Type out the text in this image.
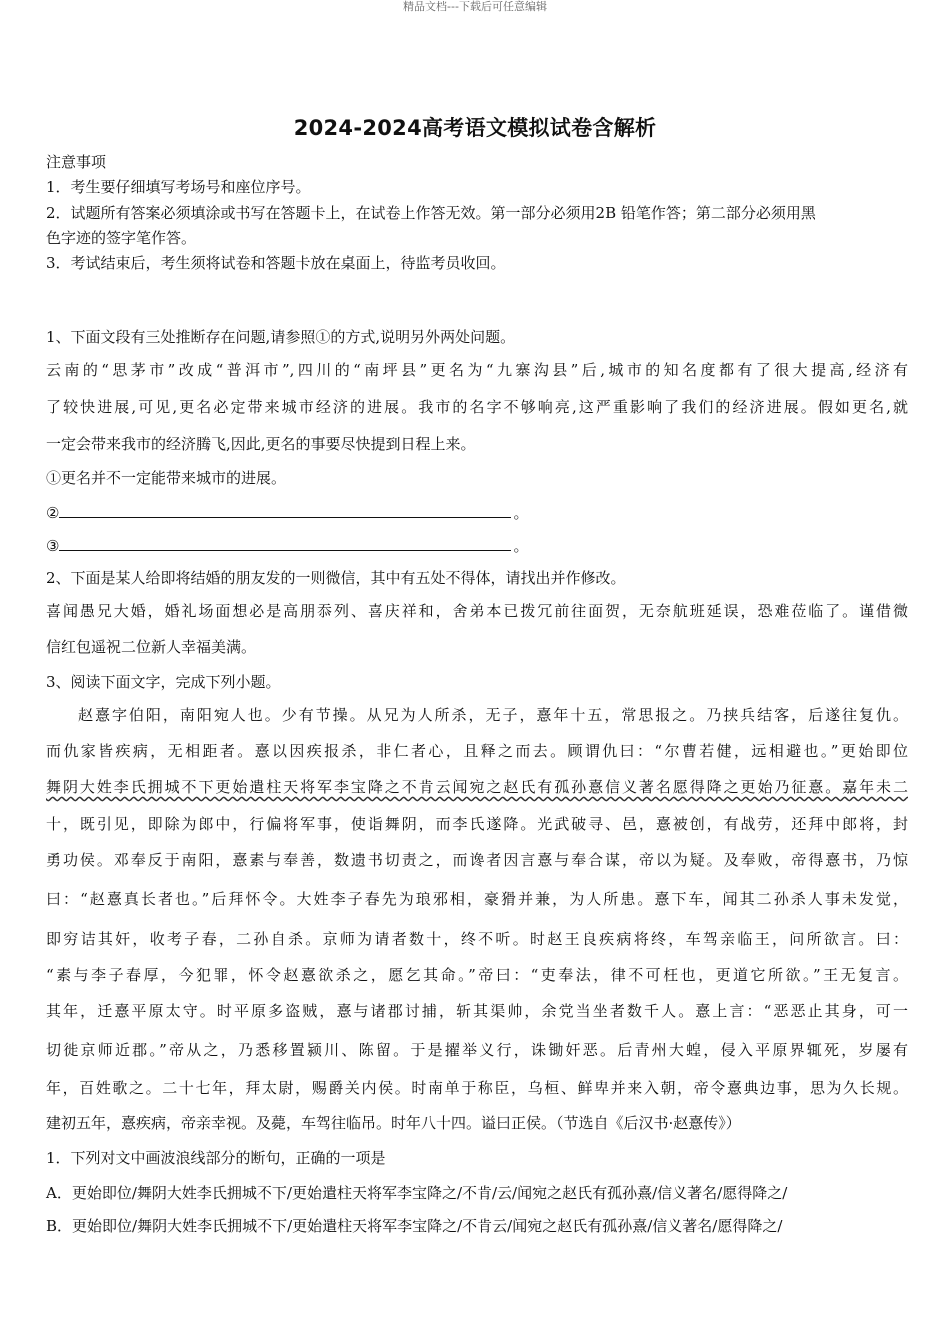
精品文档---下载后可任意编辑
2024-2024高考语文模拟试卷含解析
注意事项
1．考生要仔细填写考场号和座位序号。
2．试题所有答案必须填涂或书写在答题卡上，在试卷上作答无效。第一部分必须用2B 铅笔作答；第二部分必须用黑
色字迹的签字笔作答。
3．考试结束后，考生须将试卷和答题卡放在桌面上，待监考员收回。
1、下面文段有三处推断存在问题,请参照①的方式,说明另外两处问题。
云南的“思茅市”改成“普洱市”,四川的“南坪县”更名为“九寨沟县”后,城市的知名度都有了很大提高,经济有
了较快进展,可见,更名必定带来城市经济的进展。我市的名字不够响亮,这严重影响了我们的经济进展。假如更名,就
一定会带来我市的经济腾飞,因此,更名的事要尽快提到日程上来。
①更名并不一定能带来城市的进展。
②	。
③	。
2、下面是某人给即将结婚的朋友发的一则微信，其中有五处不得体，请找出并作修改。
喜闻愚兄大婚，婚礼场面想必是高朋忝列、喜庆祥和，舍弟本已拨冗前往面贺，无奈航班延误，恐难莅临了。谨借微
信红包遥祝二位新人幸福美满。
3、阅读下面文字，完成下列小题。
赵憙字伯阳，南阳宛人也。少有节操。从兄为人所杀，无子，憙年十五，常思报之。乃挟兵结客，后遂往复仇。
而仇家皆疾病，无相距者。憙以因疾报杀，非仁者心，且释之而去。顾谓仇曰：“尔曹若健，远相避也。”更始即位
舞阴大姓李氏拥城不下更始遣柱天将军李宝降之不肯云闻宛之赵氏有孤孙憙信义著名愿得降之更始乃征憙。嘉年未二
十，既引见，即除为郎中，行偏将军事，使诣舞阴，而李氏遂降。光武破寻、邑，憙被创，有战劳，还拜中郎将，封
勇功侯。邓奉反于南阳，憙素与奉善，数遗书切责之，而谗者因言憙与奉合谋，帝以为疑。及奉败，帝得憙书，乃惊
曰：“赵憙真长者也。”后拜怀令。大姓李子春先为琅邪相，豪猾并兼，为人所患。憙下车，闻其二孙杀人事未发觉，
即穷诘其奸，收考子春，二孙自杀。京师为请者数十，终不听。时赵王良疾病将终，车驾亲临王，问所欲言。曰：
“素与李子春厚，今犯罪，怀令赵憙欲杀之，愿乞其命。”帝曰：“吏奉法，律不可枉也，更道它所欲。”王无复言。
其年，迁憙平原太守。时平原多盗贼，憙与诸郡讨捕，斩其渠帅，余党当坐者数千人。憙上言：“恶恶止其身，可一
切徙京师近郡。”帝从之，乃悉移置颍川、陈留。于是擢举义行，诛锄奸恶。后青州大蝗，侵入平原界辄死，岁屡有
年，百姓歌之。二十七年，拜太尉，赐爵关内侯。时南单于称臣，乌桓、鲜卑并来入朝，帝令憙典边事，思为久长规。
建初五年，憙疾病，帝亲幸视。及薨，车驾往临吊。时年八十四。谥曰正侯。（节选自《后汉书·赵憙传》）
1．下列对文中画波浪线部分的断句，正确的一项是
A．更始即位/舞阴大姓李氏拥城不下/更始遣柱天将军李宝降之/不肯/云/闻宛之赵氏有孤孙熹/信义著名/愿得降之/
B．更始即位/舞阴大姓李氏拥城不下/更始遣柱天将军李宝降之/不肯云/闻宛之赵氏有孤孙熹/信义著名/愿得降之/
